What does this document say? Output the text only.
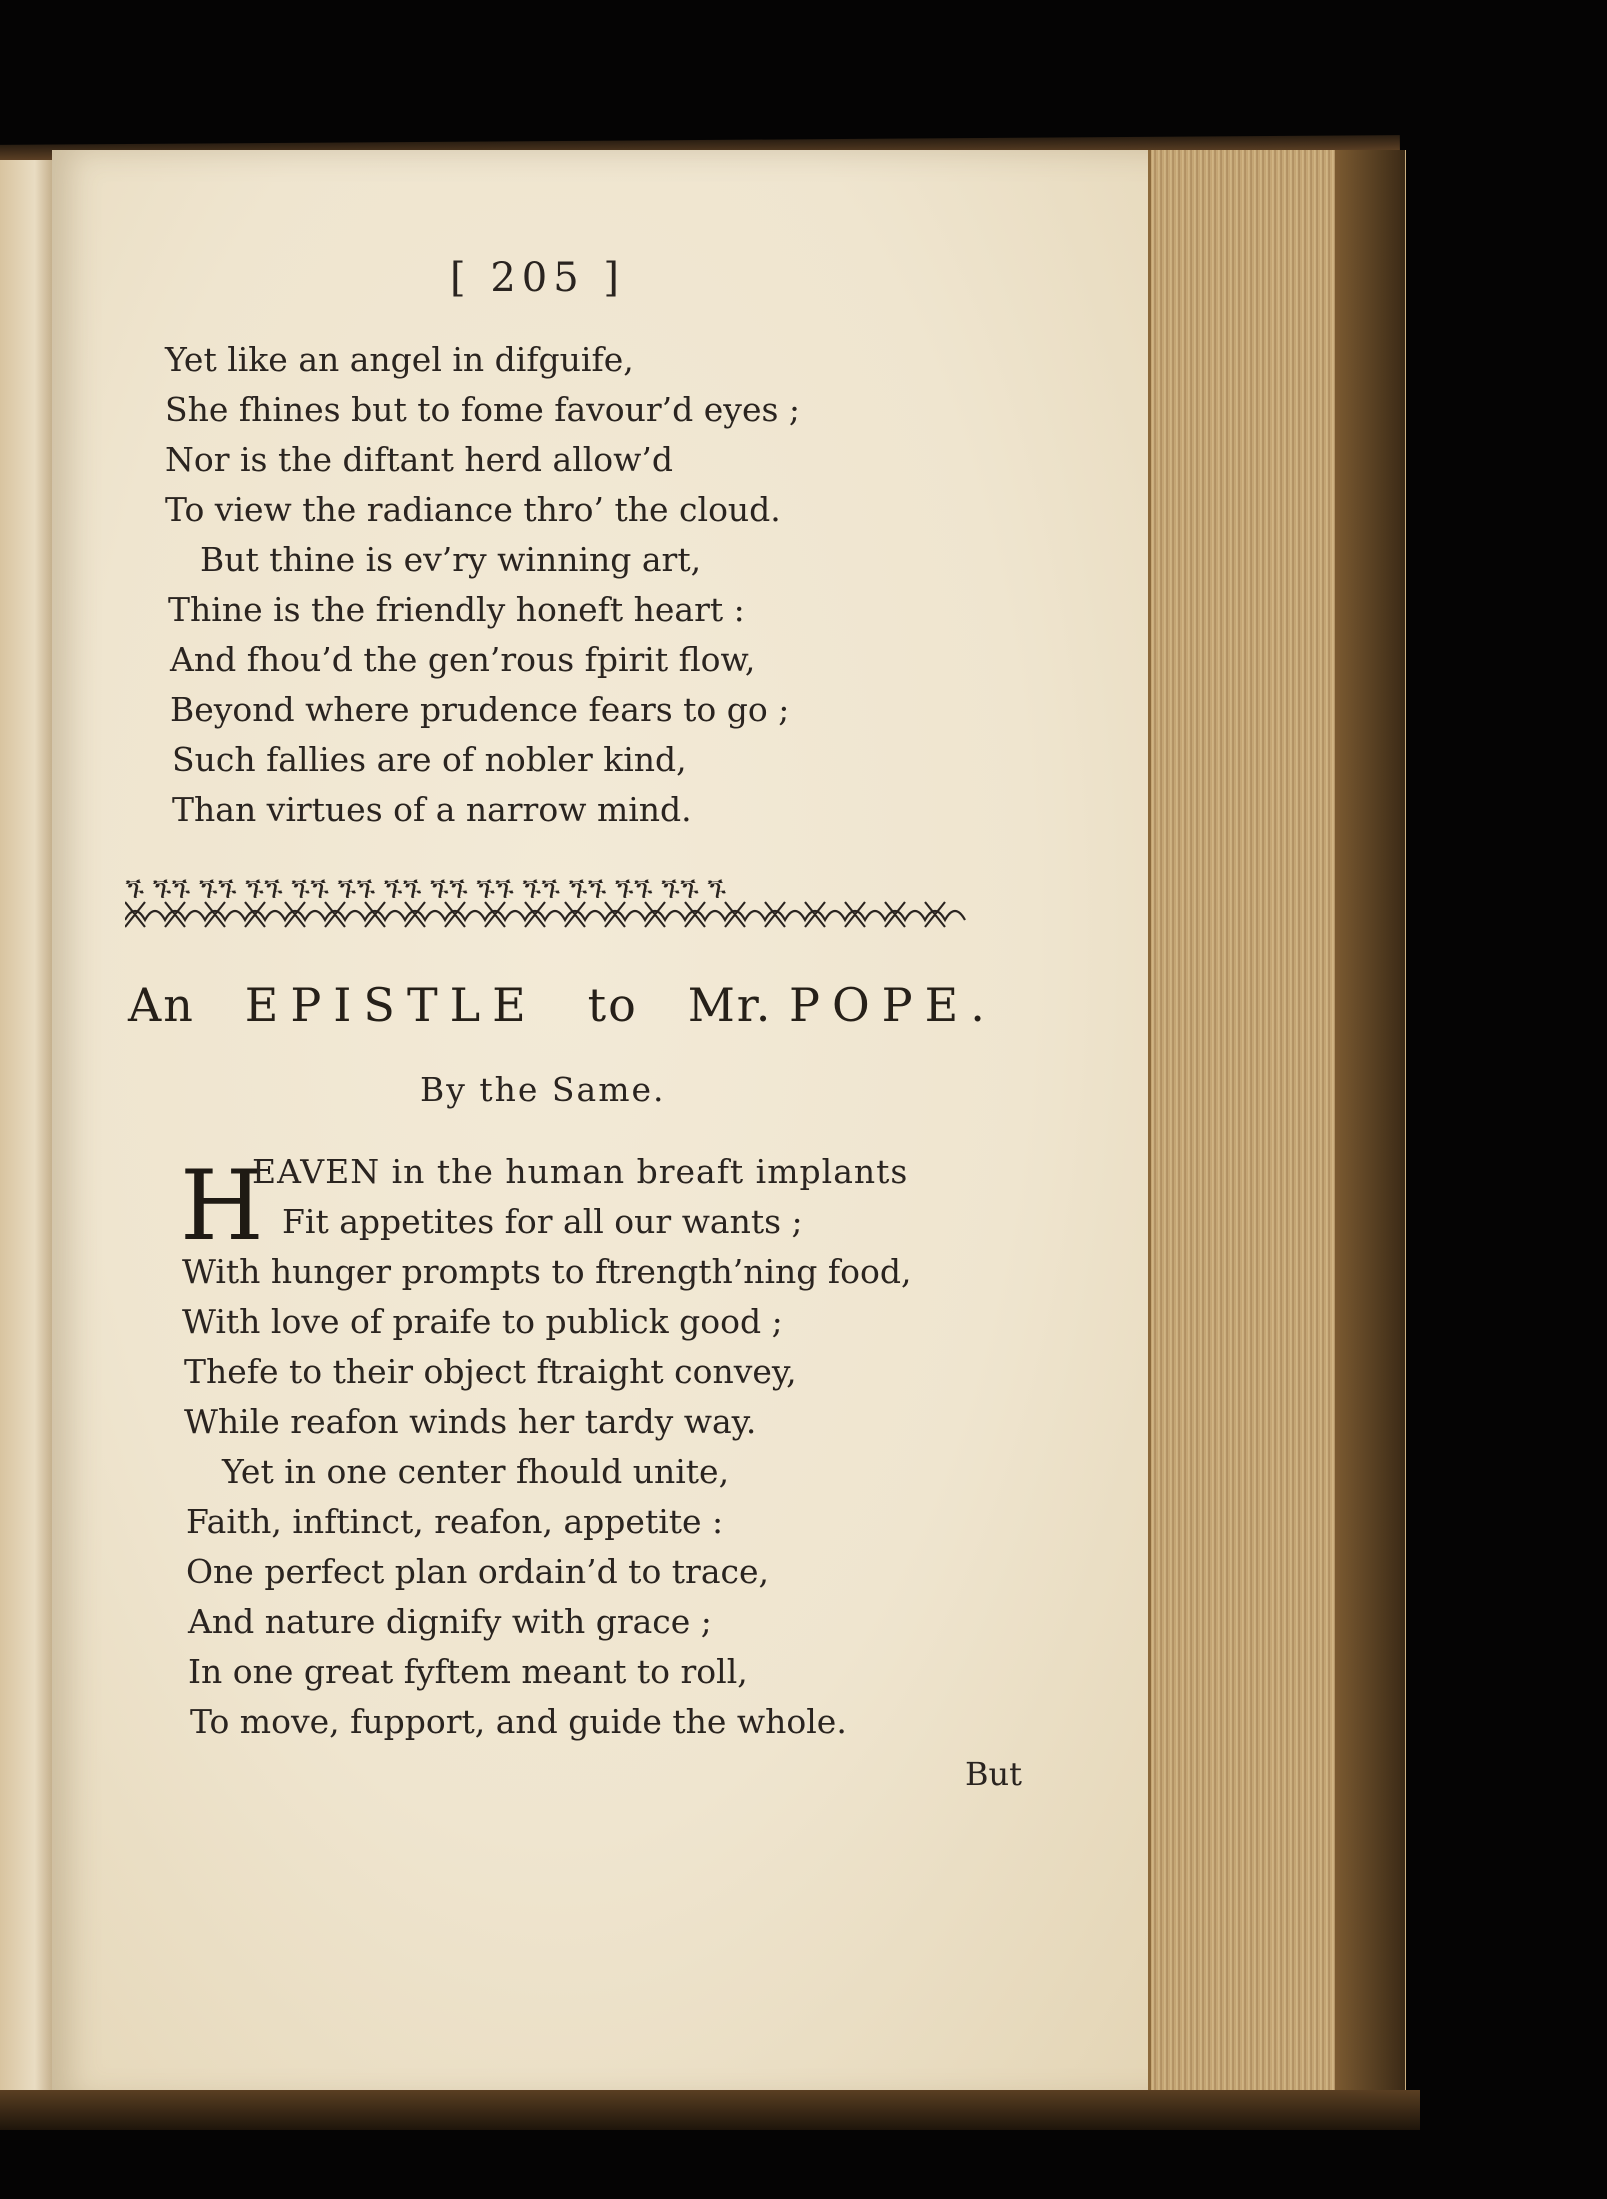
[ 205 ]
Yet like an angel in difguife,
She fhines but to fome favour’d eyes ;
Nor is the diftant herd allow’d
To view the radiance thro’ the cloud.
But thine is ev’ry winning art,
Thine is the friendly honeft heart :
And fhou’d the gen’rous fpirit flow,
Beyond where prudence fears to go ;
Such fallies are of nobler kind,
Than virtues of a narrow mind.
ጙ ጙጙ ጙጙ ጙጙ ጙጙ ጙጙ ጙጙ ጙጙ ጙጙ ጙጙ ጙጙ ጙጙ ጙጙ ጙ
An EPISTLE to Mr. POPE.
By the Same.
H
EAVEN in the human breaft implants
Fit appetites for all our wants ;
With hunger prompts to ftrength’ning food,
With love of praife to publick good ;
Thefe to their object ftraight convey,
While reafon winds her tardy way.
Yet in one center fhould unite,
Faith, inftinct, reafon, appetite :
One perfect plan ordain’d to trace,
And nature dignify with grace ;
In one great fyftem meant to roll,
To move, fupport, and guide the whole.
But
